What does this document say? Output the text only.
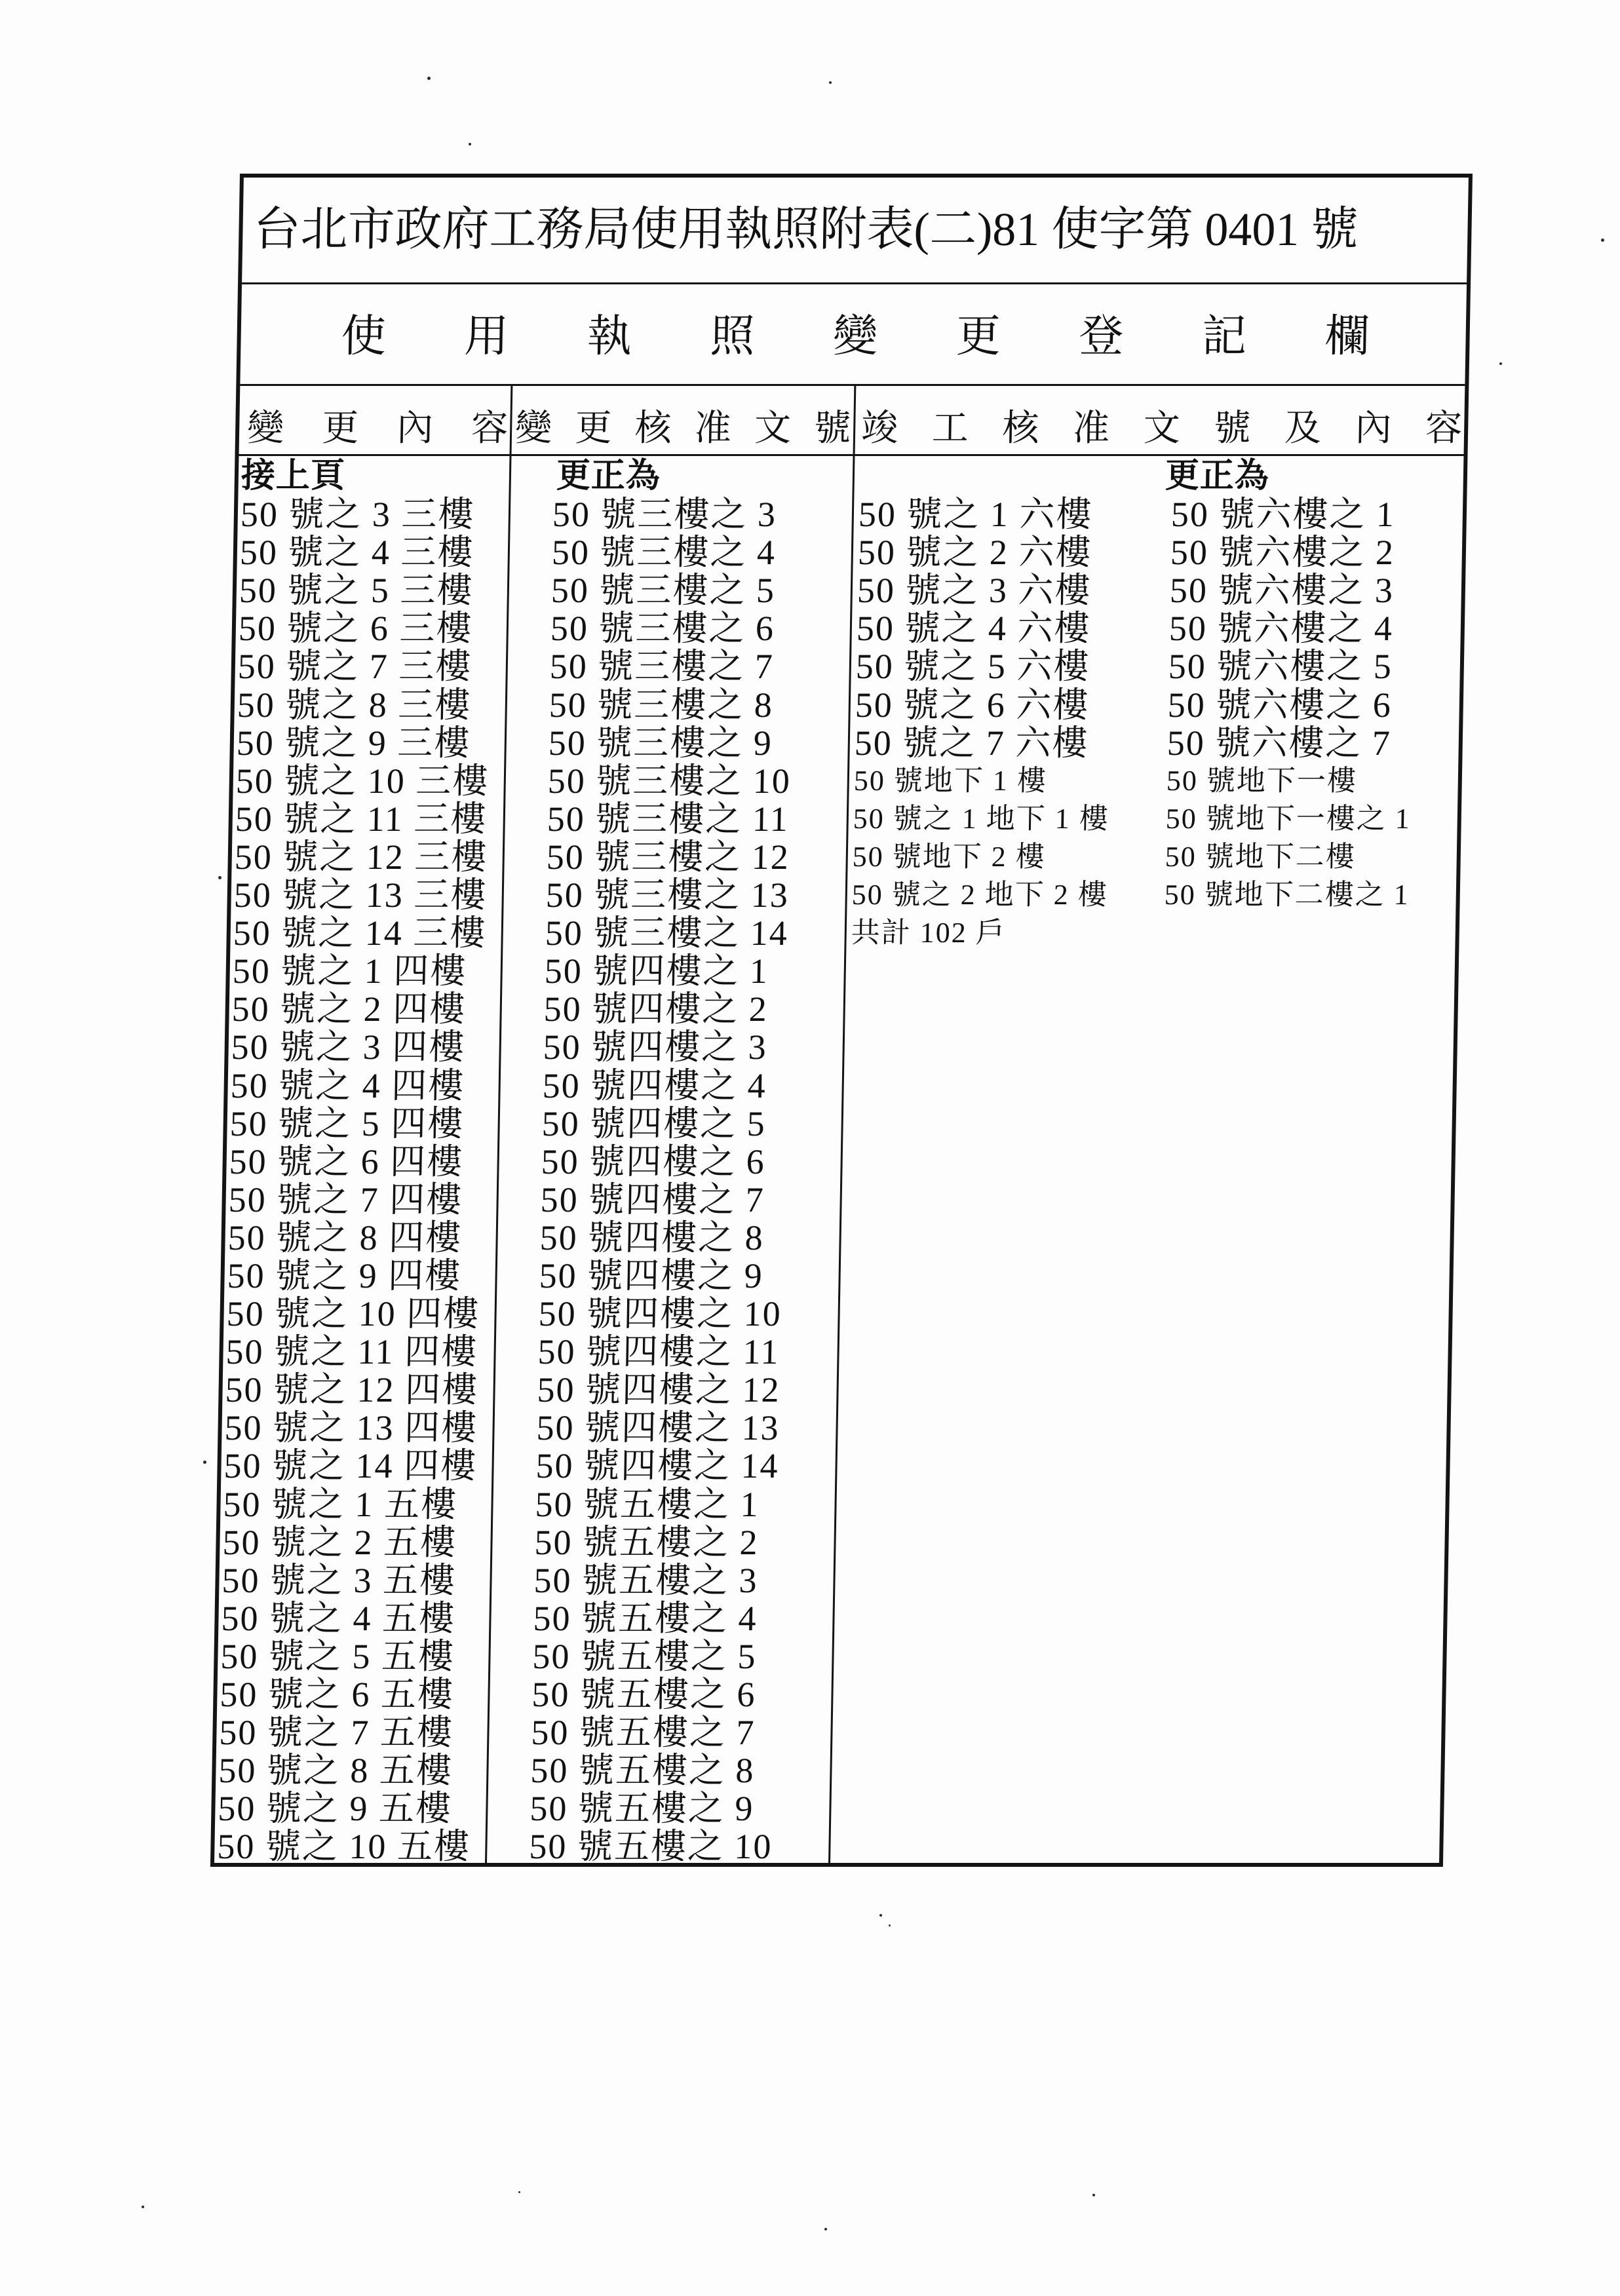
台北市政府工務局使用執照附表(二)81 使字第 0401 號
使用執照變更登記欄
變更內容 變更核准文號 竣工核准文號及內容
接上頁
50 號之 3 三樓
50 號之 4 三樓
50 號之 5 三樓
50 號之 6 三樓
50 號之 7 三樓
50 號之 8 三樓
50 號之 9 三樓
50 號之 10 三樓
50 號之 11 三樓
50 號之 12 三樓
50 號之 13 三樓
50 號之 14 三樓
50 號之 1 四樓
50 號之 2 四樓
50 號之 3 四樓
50 號之 4 四樓
50 號之 5 四樓
50 號之 6 四樓
50 號之 7 四樓
50 號之 8 四樓
50 號之 9 四樓
50 號之 10 四樓
50 號之 11 四樓
50 號之 12 四樓
50 號之 13 四樓
50 號之 14 四樓
50 號之 1 五樓
50 號之 2 五樓
50 號之 3 五樓
50 號之 4 五樓
50 號之 5 五樓
50 號之 6 五樓
50 號之 7 五樓
50 號之 8 五樓
50 號之 9 五樓
50 號之 10 五樓
更正為
50 號三樓之 3
50 號三樓之 4
50 號三樓之 5
50 號三樓之 6
50 號三樓之 7
50 號三樓之 8
50 號三樓之 9
50 號三樓之 10
50 號三樓之 11
50 號三樓之 12
50 號三樓之 13
50 號三樓之 14
50 號四樓之 1
50 號四樓之 2
50 號四樓之 3
50 號四樓之 4
50 號四樓之 5
50 號四樓之 6
50 號四樓之 7
50 號四樓之 8
50 號四樓之 9
50 號四樓之 10
50 號四樓之 11
50 號四樓之 12
50 號四樓之 13
50 號四樓之 14
50 號五樓之 1
50 號五樓之 2
50 號五樓之 3
50 號五樓之 4
50 號五樓之 5
50 號五樓之 6
50 號五樓之 7
50 號五樓之 8
50 號五樓之 9
50 號五樓之 10
50 號之 1 六樓
50 號之 2 六樓
50 號之 3 六樓
50 號之 4 六樓
50 號之 5 六樓
50 號之 6 六樓
50 號之 7 六樓
50 號地下 1 樓
50 號之 1 地下 1 樓
50 號地下 2 樓
50 號之 2 地下 2 樓
共計 102 戶
更正為
50 號六樓之 1
50 號六樓之 2
50 號六樓之 3
50 號六樓之 4
50 號六樓之 5
50 號六樓之 6
50 號六樓之 7
50 號地下一樓
50 號地下一樓之 1
50 號地下二樓
50 號地下二樓之 1
